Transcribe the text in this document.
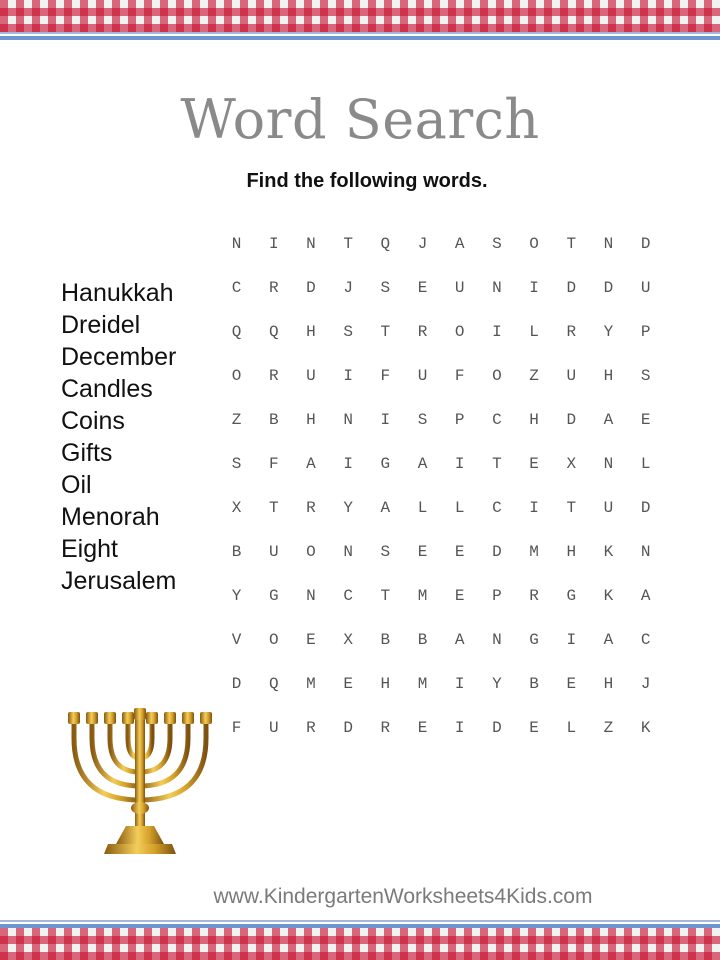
Word Search
Find the following words.
Hanukkah
Dreidel
December
Candles
Coins
Gifts
Oil
Menorah
Eight
Jerusalem
N	I	N	T	Q	J	A	S	O	T	N	D
C	R	D	J	S	E	U	N	I	D	D	U
Q	Q	H	S	T	R	O	I	L	R	Y	P
O	R	U	I	F	U	F	O	Z	U	H	S
Z	B	H	N	I	S	P	C	H	D	A	E
S	F	A	I	G	A	I	T	E	X	N	L
X	T	R	Y	A	L	L	C	I	T	U	D
B	U	O	N	S	E	E	D	M	H	K	N
Y	G	N	C	T	M	E	P	R	G	K	A
V	O	E	X	B	B	A	N	G	I	A	C
D	Q	M	E	H	M	I	Y	B	E	H	J
F	U	R	D	R	E	I	D	E	L	Z	K
www.KindergartenWorksheets4Kids.com
